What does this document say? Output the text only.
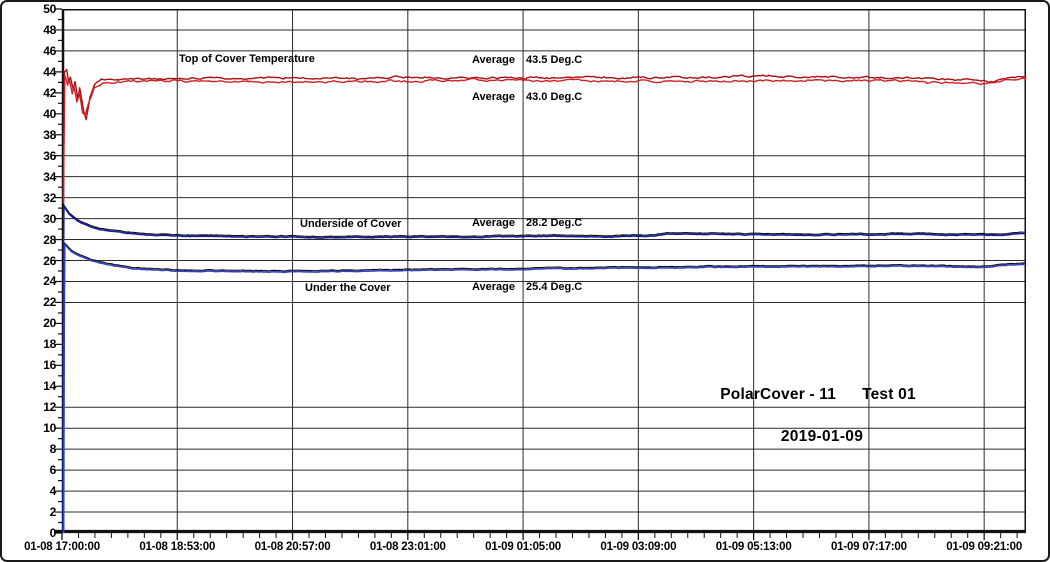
0
2
4
6
8
10
12
14
16
18
20
22
24
26
28
30
32
34
36
38
40
42
44
46
48
50
01-08 17:00:00	01-08 18:53:00	01-08 20:57:00	01-08 23:01:00	01-09 01:05:00	01-09 03:09:00	01-09 05:13:00	01-09 07:17:00	01-09 09:21:00
Top of Cover Temperature	Average 43.5 Deg.C
Average 43.0 Deg.C
Underside of Cover	Average 28.2 Deg.C
Under the Cover	Average 25.4 Deg.C
PolarCover - 11 Test 01
2019-01-09
